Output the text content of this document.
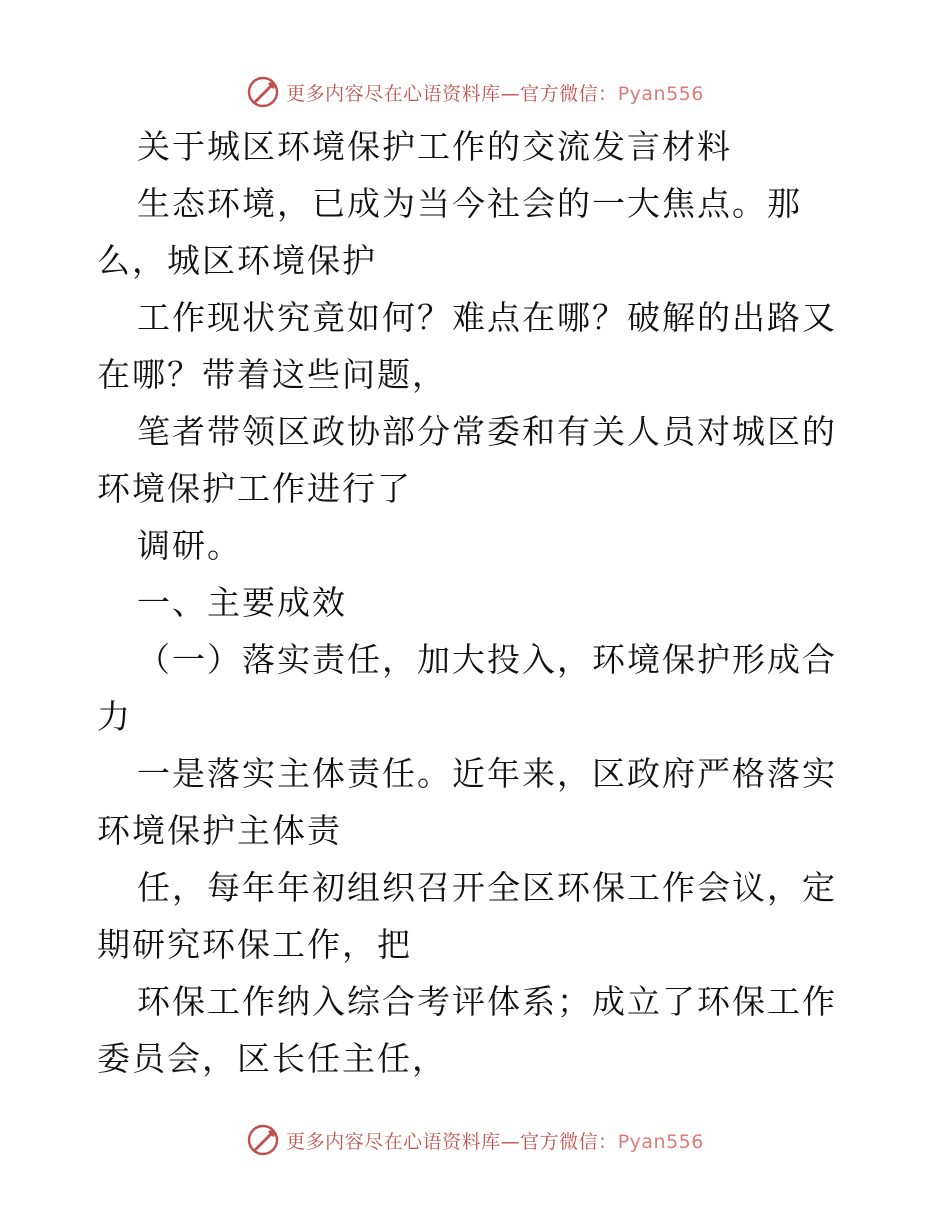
更多内容尽在心语资料库—官方微信：Pyan556

关于城区环境保护工作的交流发言材料

生态环境，已成为当今社会的一大焦点。那么，城区环境保护

工作现状究竟如何？难点在哪？破解的出路又在哪？带着这些问题，

笔者带领区政协部分常委和有关人员对城区的环境保护工作进行了

调研。

一、主要成效

（一）落实责任，加大投入，环境保护形成合力

一是落实主体责任。近年来，区政府严格落实环境保护主体责

任，每年年初组织召开全区环保工作会议，定期研究环保工作，把

环保工作纳入综合考评体系；成立了环保工作委员会，区长任主任，

更多内容尽在心语资料库—官方微信：Pyan556
